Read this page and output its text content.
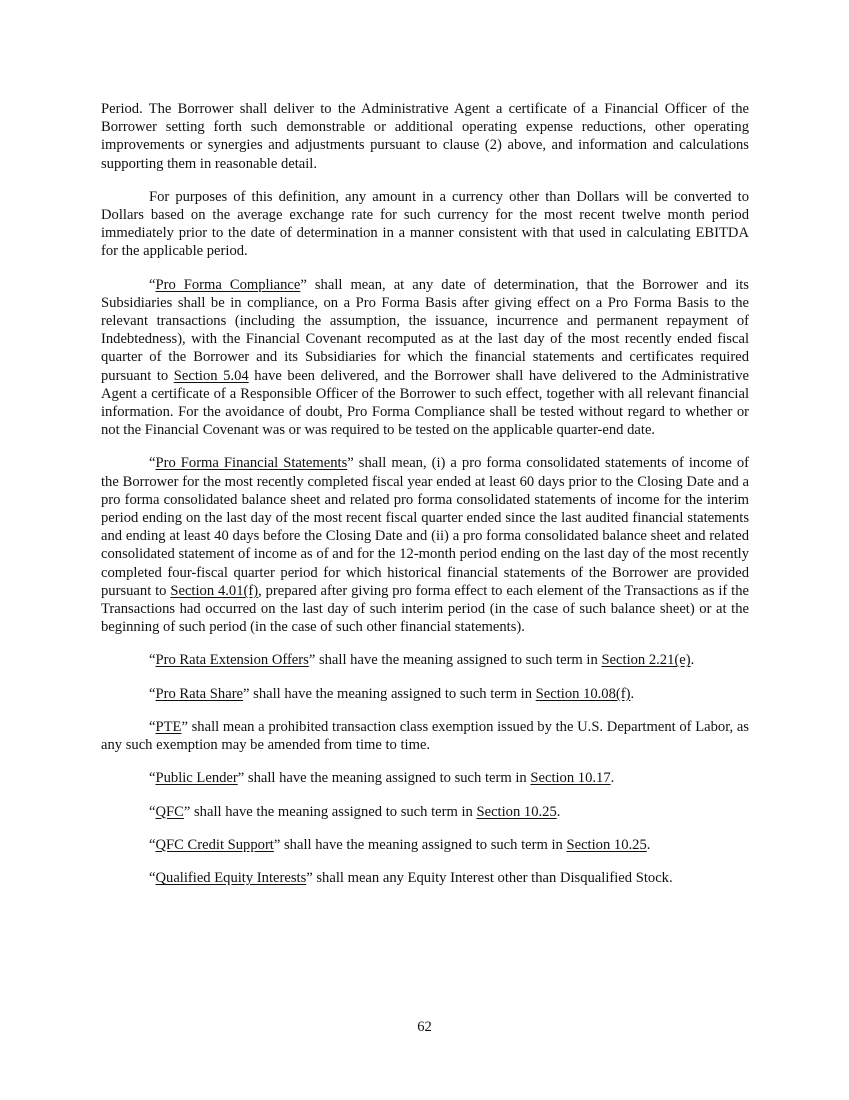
Period. The Borrower shall deliver to the Administrative Agent a certificate of a Financial Officer of the Borrower setting forth such demonstrable or additional operating expense reductions, other operating improvements or synergies and adjustments pursuant to clause (2) above, and information and calculations supporting them in reasonable detail.

For purposes of this definition, any amount in a currency other than Dollars will be converted to Dollars based on the average exchange rate for such currency for the most recent twelve month period immediately prior to the date of determination in a manner consistent with that used in calculating EBITDA for the applicable period.

“Pro Forma Compliance” shall mean, at any date of determination, that the Borrower and its Subsidiaries shall be in compliance, on a Pro Forma Basis after giving effect on a Pro Forma Basis to the relevant transactions (including the assumption, the issuance, incurrence and permanent repayment of Indebtedness), with the Financial Covenant recomputed as at the last day of the most recently ended fiscal quarter of the Borrower and its Subsidiaries for which the financial statements and certificates required pursuant to Section 5.04 have been delivered, and the Borrower shall have delivered to the Administrative Agent a certificate of a Responsible Officer of the Borrower to such effect, together with all relevant financial information. For the avoidance of doubt, Pro Forma Compliance shall be tested without regard to whether or not the Financial Covenant was or was required to be tested on the applicable quarter-end date.

“Pro Forma Financial Statements” shall mean, (i) a pro forma consolidated statements of income of the Borrower for the most recently completed fiscal year ended at least 60 days prior to the Closing Date and a pro forma consolidated balance sheet and related pro forma consolidated statements of income for the interim period ending on the last day of the most recent fiscal quarter ended since the last audited financial statements and ending at least 40 days before the Closing Date and (ii) a pro forma consolidated balance sheet and related consolidated statement of income as of and for the 12-month period ending on the last day of the most recently completed four-fiscal quarter period for which historical financial statements of the Borrower are provided pursuant to Section 4.01(f), prepared after giving pro forma effect to each element of the Transactions as if the Transactions had occurred on the last day of such interim period (in the case of such balance sheet) or at the beginning of such period (in the case of such other financial statements).

“Pro Rata Extension Offers” shall have the meaning assigned to such term in Section 2.21(e).

“Pro Rata Share” shall have the meaning assigned to such term in Section 10.08(f).

“PTE” shall mean a prohibited transaction class exemption issued by the U.S. Department of Labor, as any such exemption may be amended from time to time.

“Public Lender” shall have the meaning assigned to such term in Section 10.17.

“QFC” shall have the meaning assigned to such term in Section 10.25.

“QFC Credit Support” shall have the meaning assigned to such term in Section 10.25.

“Qualified Equity Interests” shall mean any Equity Interest other than Disqualified Stock.

62
